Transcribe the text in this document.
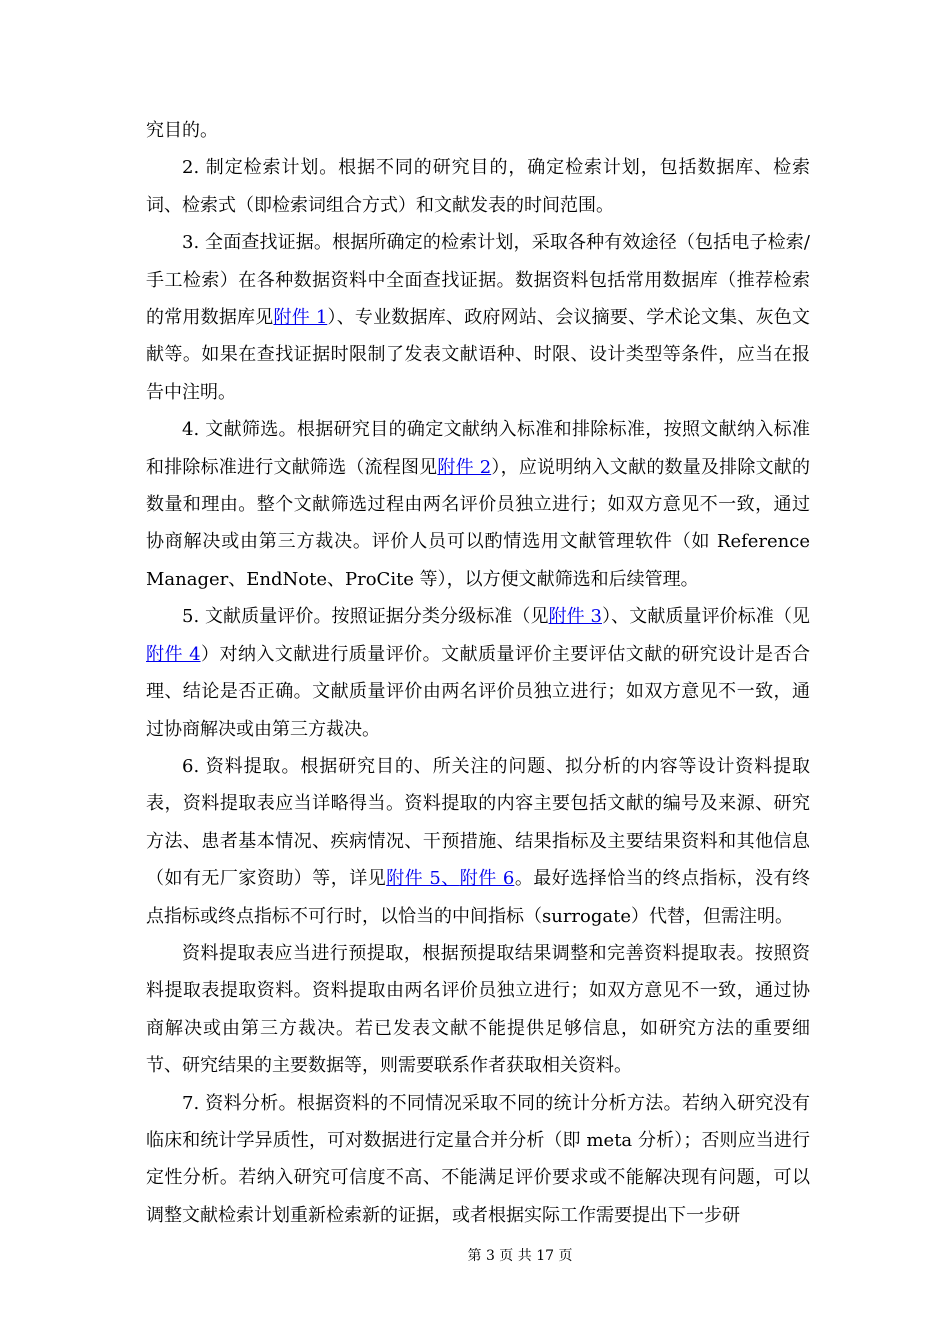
究目的。

2. 制定检索计划。根据不同的研究目的，确定检索计划，包括数据库、检索词、检索式（即检索词组合方式）和文献发表的时间范围。

3. 全面查找证据。根据所确定的检索计划，采取各种有效途径（包括电子检索/手工检索）在各种数据资料中全面查找证据。数据资料包括常用数据库（推荐检索的常用数据库见附件 1）、专业数据库、政府网站、会议摘要、学术论文集、灰色文献等。如果在查找证据时限制了发表文献语种、时限、设计类型等条件，应当在报告中注明。

4. 文献筛选。根据研究目的确定文献纳入标准和排除标准，按照文献纳入标准和排除标准进行文献筛选（流程图见附件 2），应说明纳入文献的数量及排除文献的数量和理由。整个文献筛选过程由两名评价员独立进行；如双方意见不一致，通过协商解决或由第三方裁决。评价人员可以酌情选用文献管理软件（如 Reference Manager、EndNote、ProCite 等），以方便文献筛选和后续管理。

5. 文献质量评价。按照证据分类分级标准（见附件 3）、文献质量评价标准（见附件 4）对纳入文献进行质量评价。文献质量评价主要评估文献的研究设计是否合理、结论是否正确。文献质量评价由两名评价员独立进行；如双方意见不一致，通过协商解决或由第三方裁决。

6. 资料提取。根据研究目的、所关注的问题、拟分析的内容等设计资料提取表，资料提取表应当详略得当。资料提取的内容主要包括文献的编号及来源、研究方法、患者基本情况、疾病情况、干预措施、结果指标及主要结果资料和其他信息（如有无厂家资助）等，详见附件 5、附件 6。最好选择恰当的终点指标，没有终点指标或终点指标不可行时，以恰当的中间指标（surrogate）代替，但需注明。

资料提取表应当进行预提取，根据预提取结果调整和完善资料提取表。按照资料提取表提取资料。资料提取由两名评价员独立进行；如双方意见不一致，通过协商解决或由第三方裁决。若已发表文献不能提供足够信息，如研究方法的重要细节、研究结果的主要数据等，则需要联系作者获取相关资料。

7. 资料分析。根据资料的不同情况采取不同的统计分析方法。若纳入研究没有临床和统计学异质性，可对数据进行定量合并分析（即 meta 分析）；否则应当进行定性分析。若纳入研究可信度不高、不能满足评价要求或不能解决现有问题，可以调整文献检索计划重新检索新的证据，或者根据实际工作需要提出下一步研

第 3 页 共 17 页
